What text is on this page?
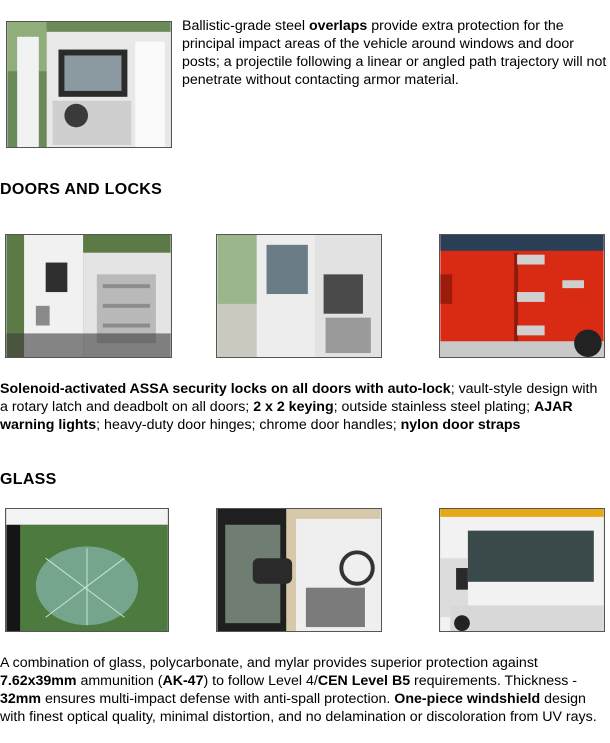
Ballistic-grade steel overlaps provide extra protection for the principal impact areas of the vehicle around windows and door posts; a projectile following a linear or angled path trajectory will not penetrate without contacting armor material.
DOORS AND LOCKS
Solenoid-activated ASSA security locks on all doors with auto-lock; vault-style design with a rotary latch and deadbolt on all doors; 2 x 2 keying; outside stainless steel plating; AJAR warning lights; heavy-duty door hinges; chrome door handles; nylon door straps
GLASS
A combination of glass, polycarbonate, and mylar provides superior protection against 7.62x39mm ammunition (AK-47) to follow Level 4/CEN Level B5 requirements. Thickness - 32mm ensures multi-impact defense with anti-spall protection. One-piece windshield design with finest optical quality, minimal distortion, and no delamination or discoloration from UV rays.
